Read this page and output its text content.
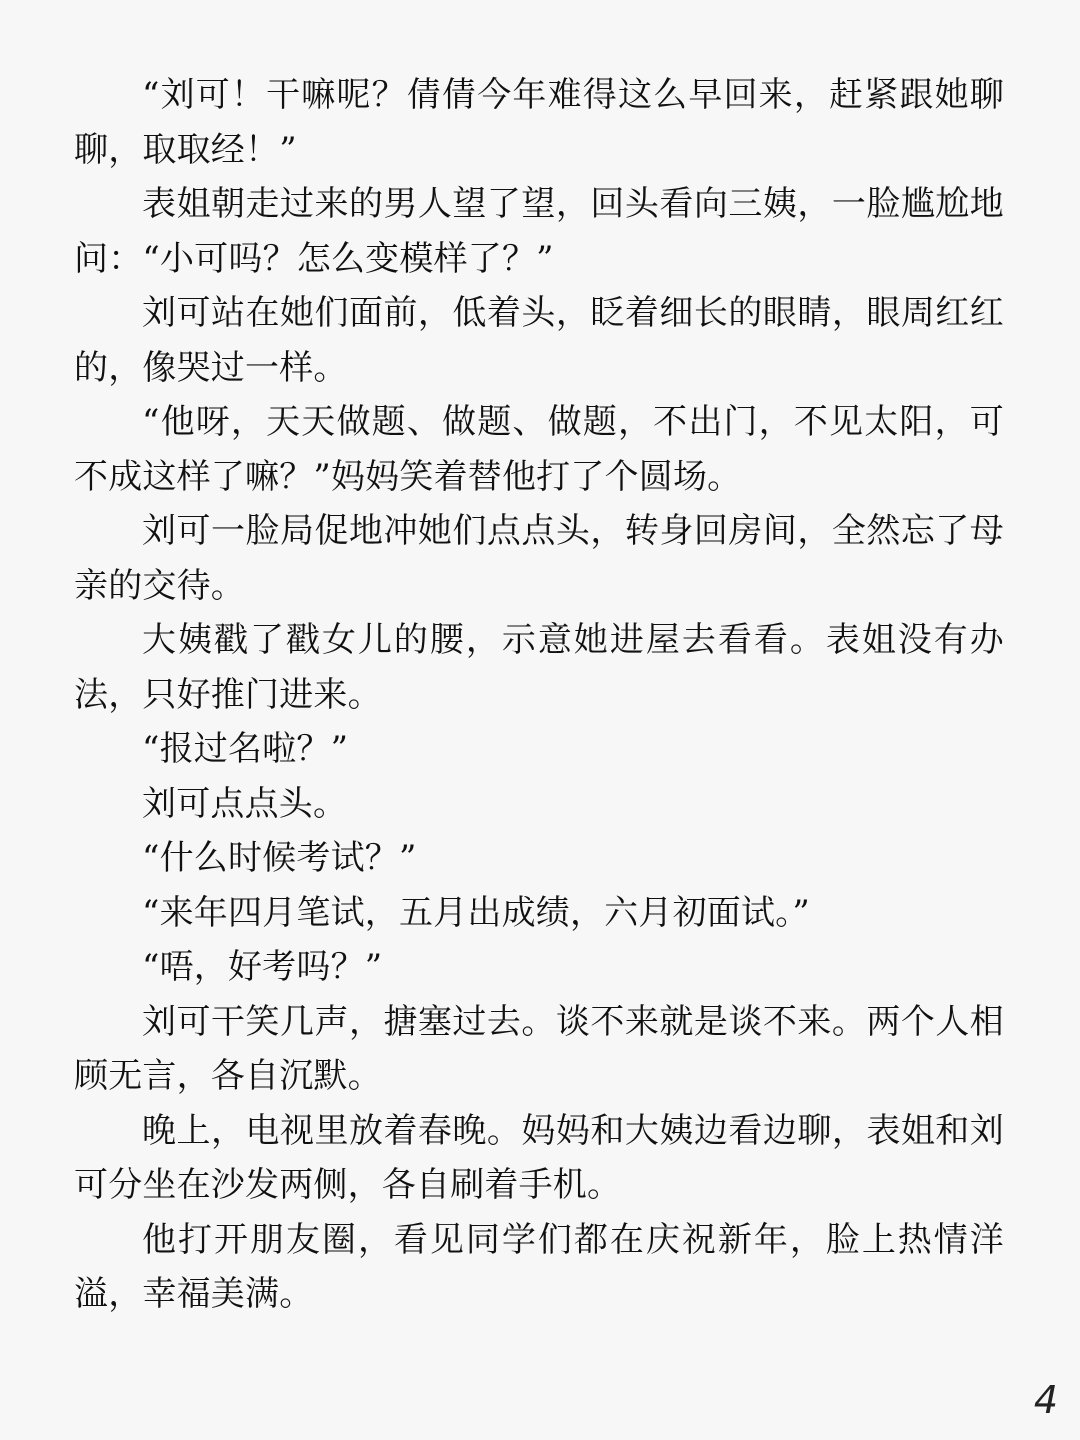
“刘可！干嘛呢？倩倩今年难得这么早回来，赶紧跟她聊聊，取取经！”

表姐朝走过来的男人望了望，回头看向三姨，一脸尴尬地问：“小可吗？怎么变模样了？”

刘可站在她们面前，低着头，眨着细长的眼睛，眼周红红的，像哭过一样。

“他呀，天天做题、做题、做题，不出门，不见太阳，可不成这样了嘛？”妈妈笑着替他打了个圆场。

刘可一脸局促地冲她们点点头，转身回房间，全然忘了母亲的交待。

大姨戳了戳女儿的腰，示意她进屋去看看。表姐没有办法，只好推门进来。

“报过名啦？”

刘可点点头。

“什么时候考试？”

“来年四月笔试，五月出成绩，六月初面试。”

“唔，好考吗？”

刘可干笑几声，搪塞过去。谈不来就是谈不来。两个人相顾无言，各自沉默。

晚上，电视里放着春晚。妈妈和大姨边看边聊，表姐和刘可分坐在沙发两侧，各自刷着手机。

他打开朋友圈，看见同学们都在庆祝新年，脸上热情洋溢，幸福美满。

4
